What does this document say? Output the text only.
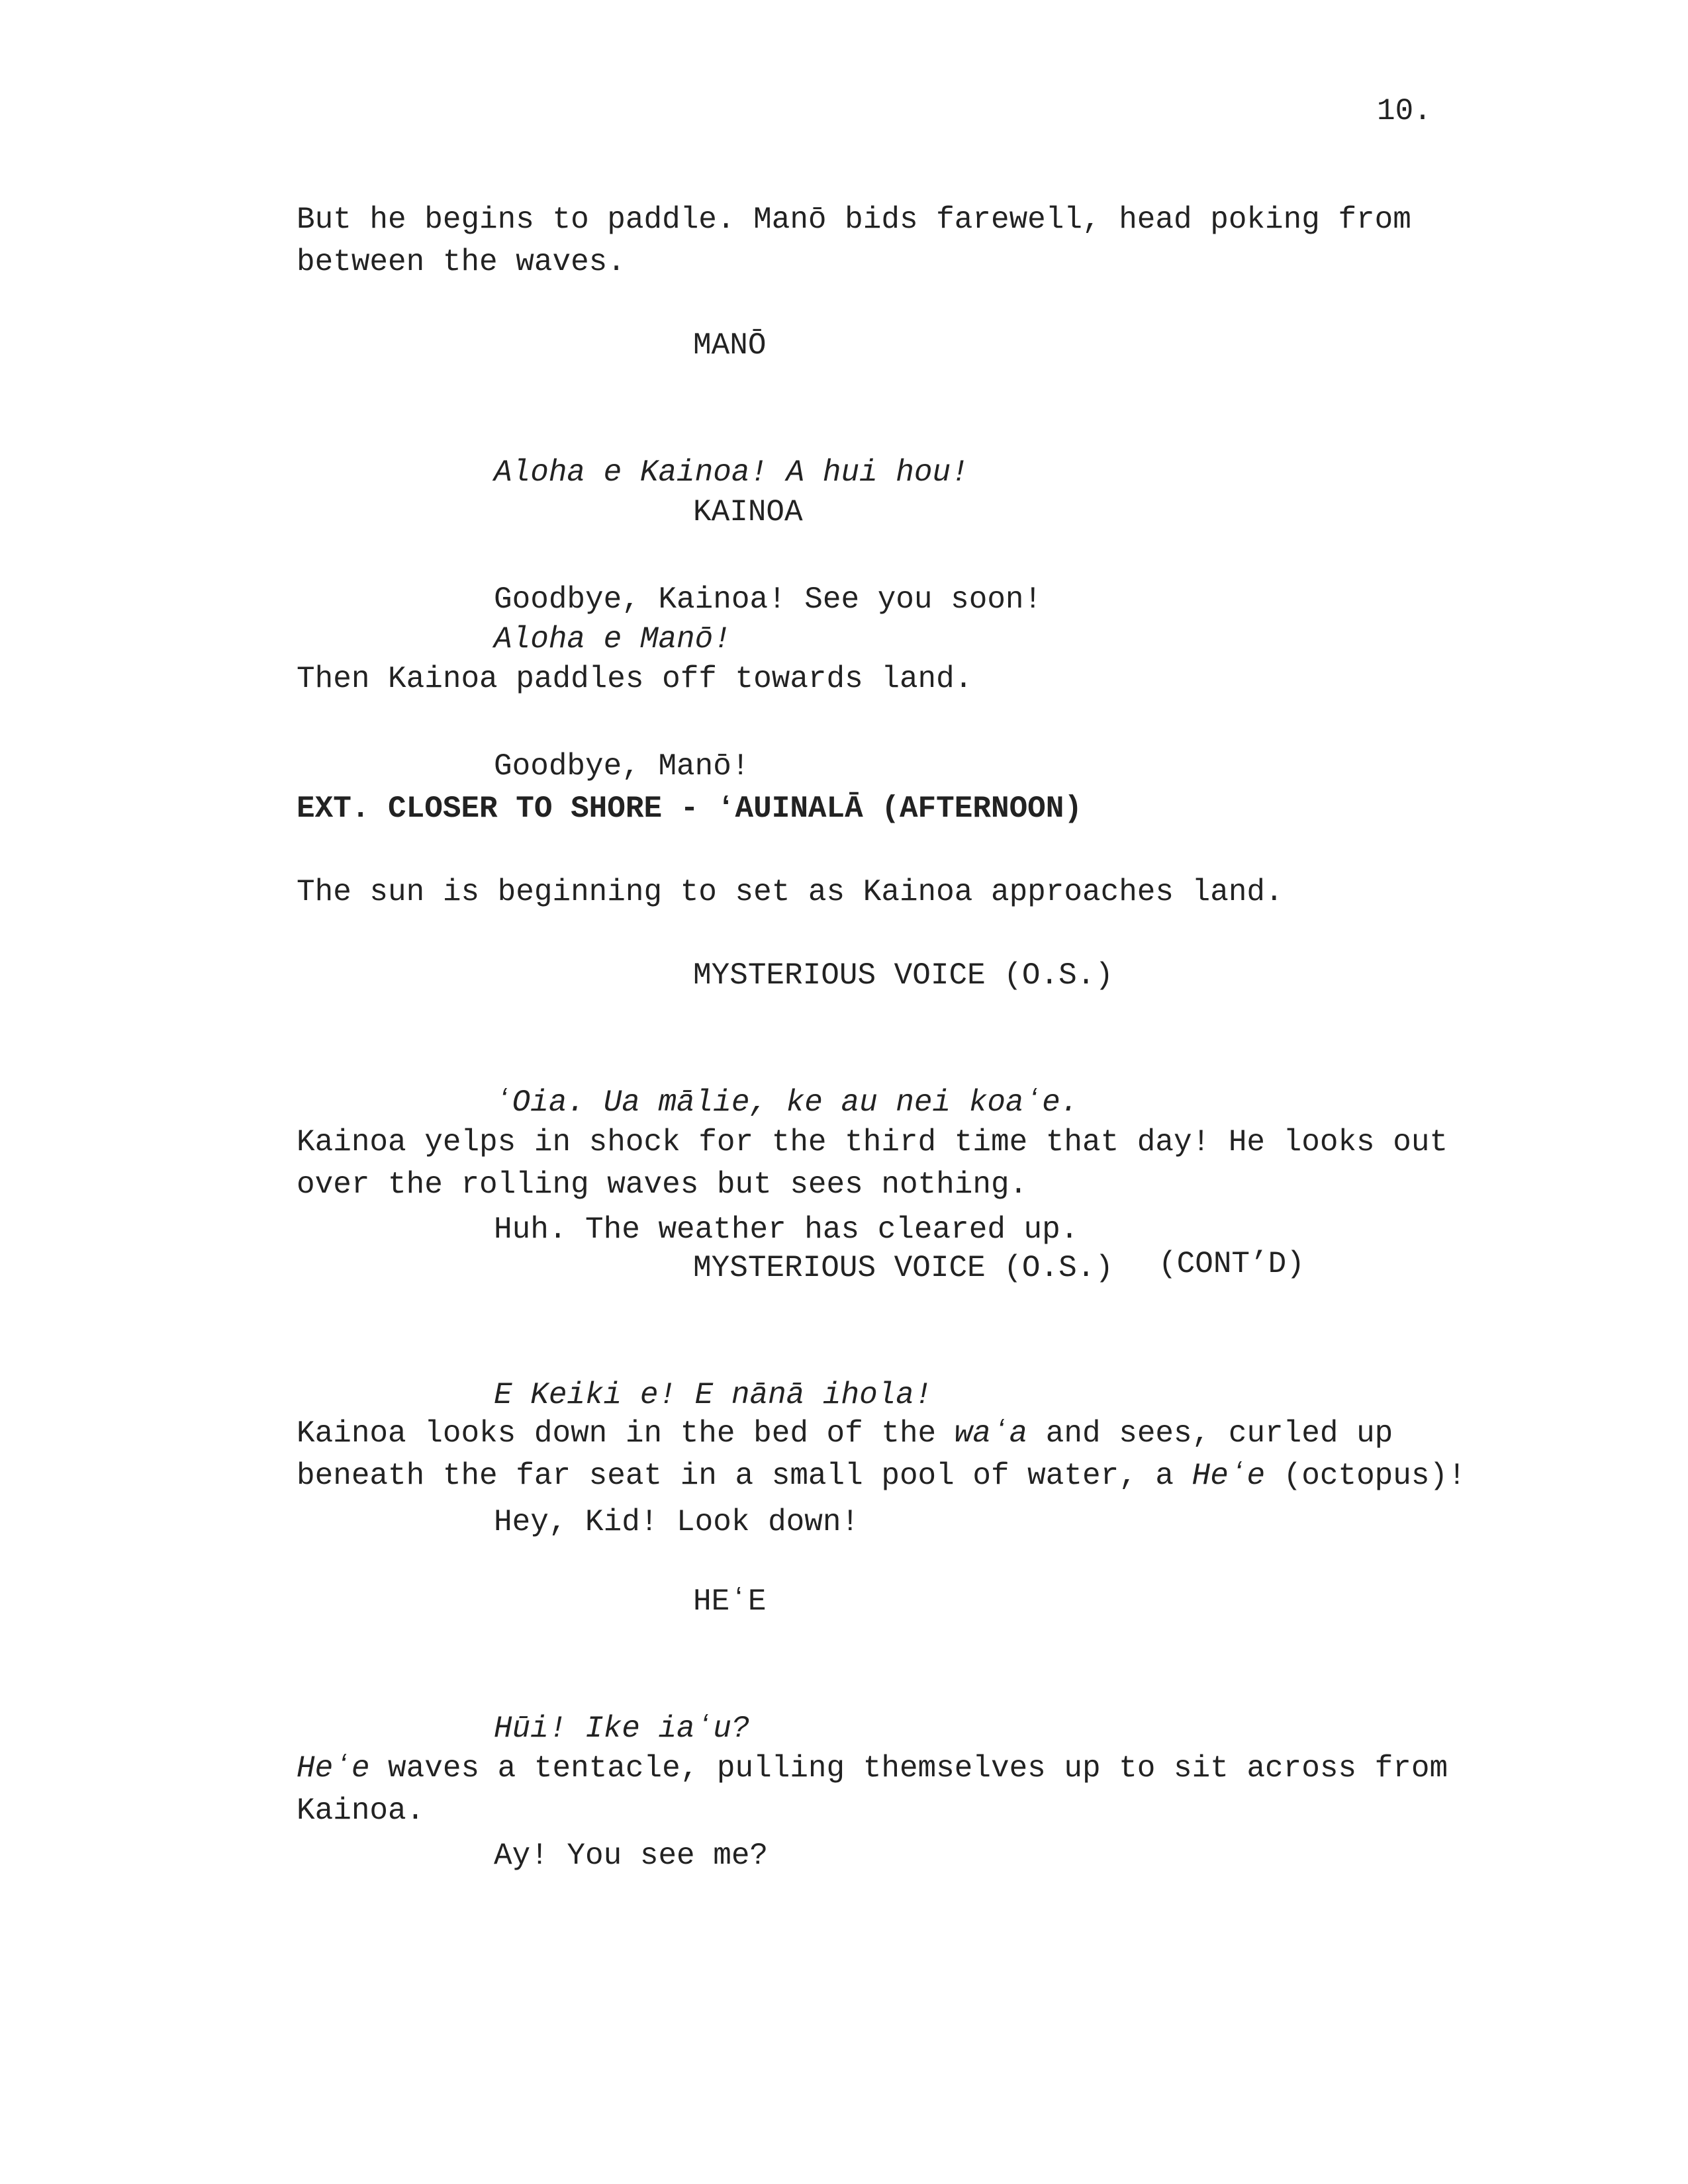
10.

But he begins to paddle. Manō bids farewell, head poking from between the waves.

MANŌ

Aloha e Kainoa! A hui hou!

Goodbye, Kainoa! See you soon!

KAINOA

Aloha e Manō!

Goodbye, Manō!

Then Kainoa paddles off towards land.

EXT. CLOSER TO SHORE - ʻAUINALĀ (AFTERNOON)

The sun is beginning to set as Kainoa approaches land.

MYSTERIOUS VOICE (O.S.)

ʻOia. Ua mālie, ke au nei koaʻe.

Huh. The weather has cleared up.

Kainoa yelps in shock for the third time that day! He looks out over the rolling waves but sees nothing.

MYSTERIOUS VOICE (O.S.) (CONT’D)

E Keiki e! E nānā ihola!

Hey, Kid! Look down!

Kainoa looks down in the bed of the waʻa and sees, curled up beneath the far seat in a small pool of water, a Heʻe (octopus)!

HEʻE

Hūi! Ike iaʻu?

Ay! You see me?

Heʻe waves a tentacle, pulling themselves up to sit across from Kainoa.
